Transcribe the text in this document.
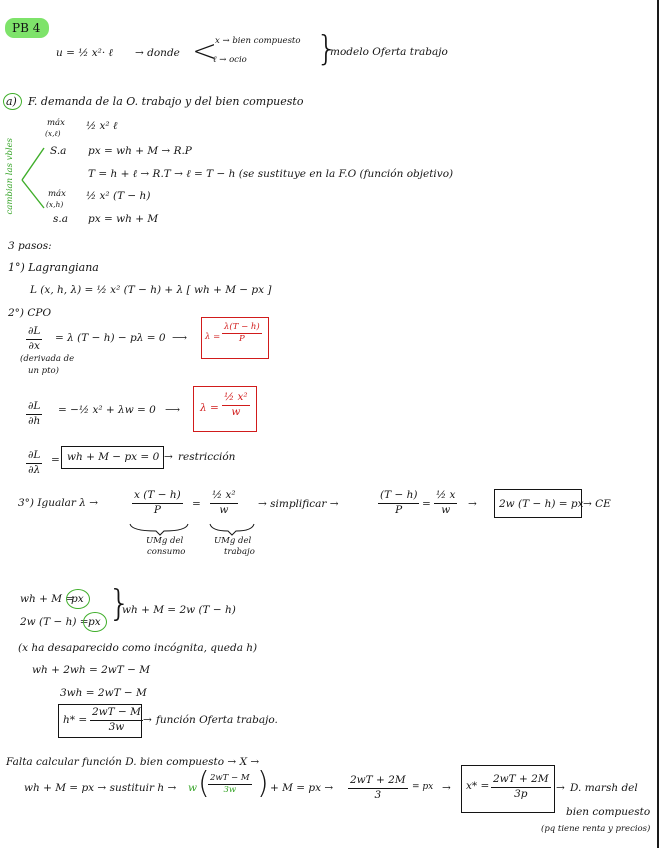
PB 4
u = ½ x²· ℓ → donde <
x → bien compuesto
ℓ → ocio }
modelo Oferta trabajo
a) F. demanda de la O. trabajo y del bien compuesto
cambian las vbles
máx
(x,ℓ)
½ x² ℓ
S.a px = wh + M → R.P
T = h + ℓ → R.T → ℓ = T − h (se sustituye en la F.O (función objetivo)
máx
(x,h)
½ x² (T − h)
s.a px = wh + M
3 pasos:
1°) Lagrangiana
L (x, h, λ) = ½ x² (T − h) + λ [ wh + M − px ]
2°) CPO
$\frac{\partial L}{\partial x} = \lambda$ (T − h) − pλ = 0 ⟶
(derivada de
un pto)
$\lambda = \frac{\lambda(T - h)}{P}$
$\frac{\partial L}{\partial h}$ = −½ x² + λw = 0 ⟶ $\lambda = \frac{\text{½ x²}}{w}$
$\frac{\partial L}{\partial\lambda}$ = wh + M − px = 0 → restricción
3°) Igualar λ →	$\frac{x (T - h)}{P} = \frac{\text{½ x²}}{w}$
UMg del
consumo
UMg del
trabajo
→ simplificar →	$\frac{(T - h)}{P} = \frac{\text{½ x}}{w} \to 2w$ (T − h) = px → CE
wh + M =
px
2w (T − h) = px }
wh + M = 2w (T − h)
(x ha desaparecido como incógnita, queda h)
wh + 2wh = 2wT − M
3wh = 2wT − M
$h* = \frac{2wT - M}{3w}$ → función Oferta trabajo.
Falta calcular función D. bien compuesto → X →
wh + M = px → sustituir h → w (
$\frac{2wT - M}{3w}$ ) + M = px → $\frac{2wT + 2M}{3}$ = px → $x* = \frac{2wT + 2M}{3p} \to D$. marsh del
bien compuesto
(pq tiene renta y precios)
